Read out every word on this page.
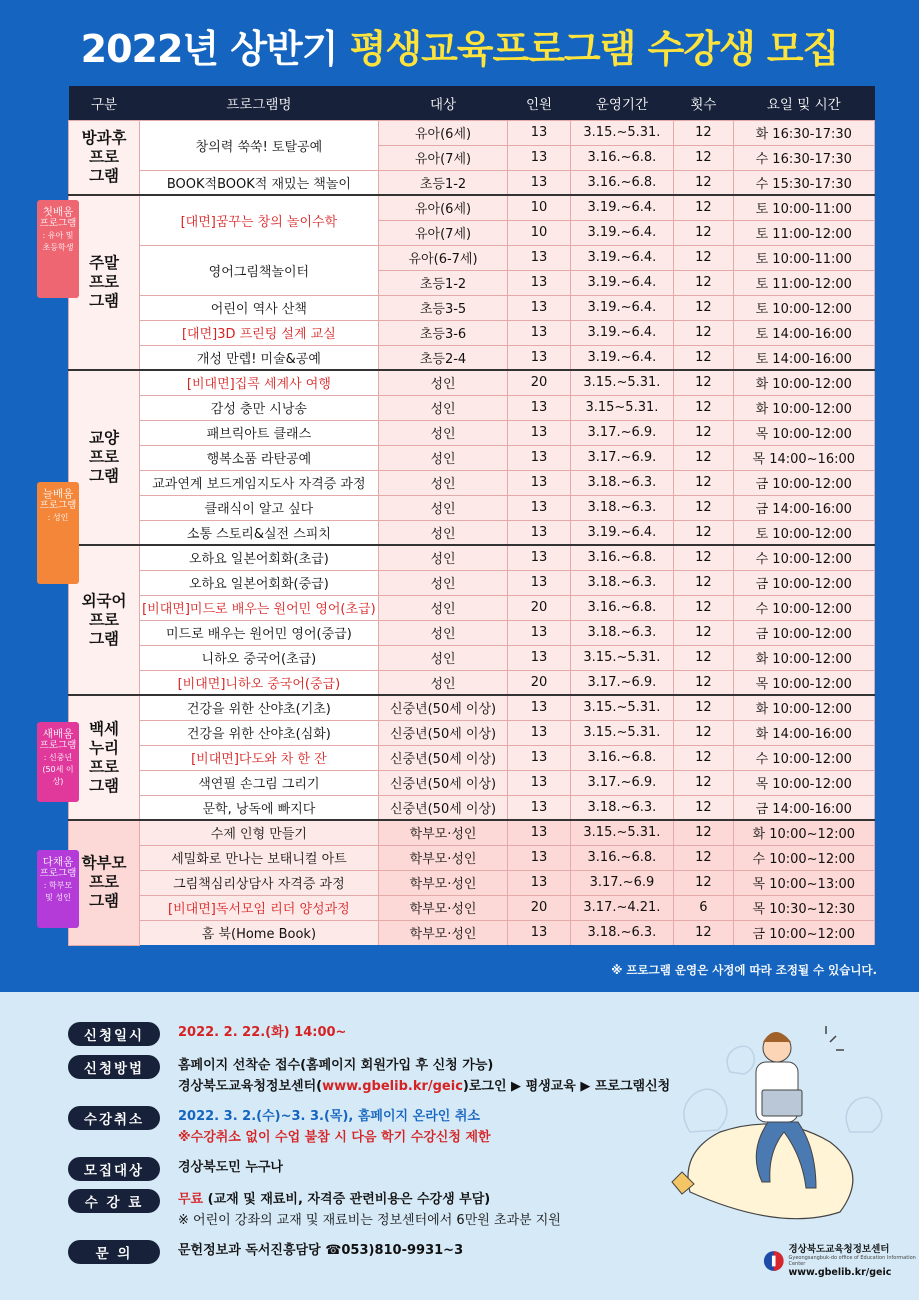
2022년 상반기 평생교육프로그램 수강생 모집
구분	프로그램명	대상	인원	운영기간	횟수	요일 및 시간
방과후
프로
그램	창의력 쑥쑥! 토탈공예	유아(6세)	13	3.15.~5.31.	12	화 16:30-17:30
		유아(7세)	13	3.16.~6.8.	12	수 16:30-17:30
	BOOK적BOOK적 재밌는 책놀이	초등1-2	13	3.16.~6.8.	12	수 15:30-17:30
주말
프로
그램	[대면]꿈꾸는 창의 놀이수학	유아(6세)	10	3.19.~6.4.	12	토 10:00-11:00
		유아(7세)	10	3.19.~6.4.	12	토 11:00-12:00
	영어그림책놀이터	유아(6-7세)	13	3.19.~6.4.	12	토 10:00-11:00
		초등1-2	13	3.19.~6.4.	12	토 11:00-12:00
	어린이 역사 산책	초등3-5	13	3.19.~6.4.	12	토 10:00-12:00
	[대면]3D 프린팅 설계 교실	초등3-6	13	3.19.~6.4.	12	토 14:00-16:00
	개성 만렙! 미술&공예	초등2-4	13	3.19.~6.4.	12	토 14:00-16:00
교양
프로
그램	[비대면]집콕 세계사 여행	성인	20	3.15.~5.31.	12	화 10:00-12:00
	감성 충만 시낭송	성인	13	3.15~5.31.	12	화 10:00-12:00
	패브릭아트 클래스	성인	13	3.17.~6.9.	12	목 10:00-12:00
	행복소품 라탄공예	성인	13	3.17.~6.9.	12	목 14:00~16:00
	교과연계 보드게임지도사 자격증 과정	성인	13	3.18.~6.3.	12	금 10:00-12:00
	클래식이 알고 싶다	성인	13	3.18.~6.3.	12	금 14:00-16:00
	소통 스토리&실전 스피치	성인	13	3.19.~6.4.	12	토 10:00-12:00
외국어
프로
그램	오하요 일본어회화(초급)	성인	13	3.16.~6.8.	12	수 10:00-12:00
	오하요 일본어회화(중급)	성인	13	3.18.~6.3.	12	금 10:00-12:00
	[비대면]미드로 배우는 원어민 영어(초급)	성인	20	3.16.~6.8.	12	수 10:00-12:00
	미드로 배우는 원어민 영어(중급)	성인	13	3.18.~6.3.	12	금 10:00-12:00
	니하오 중국어(초급)	성인	13	3.15.~5.31.	12	화 10:00-12:00
	[비대면]니하오 중국어(중급)	성인	20	3.17.~6.9.	12	목 10:00-12:00
백세
누리
프로
그램	건강을 위한 산야초(기초)	신중년(50세 이상)	13	3.15.~5.31.	12	화 10:00-12:00
	건강을 위한 산야초(심화)	신중년(50세 이상)	13	3.15.~5.31.	12	화 14:00-16:00
	[비대면]다도와 차 한 잔	신중년(50세 이상)	13	3.16.~6.8.	12	수 10:00-12:00
	색연필 손그림 그리기	신중년(50세 이상)	13	3.17.~6.9.	12	목 10:00-12:00
	문학, 낭독에 빠지다	신중년(50세 이상)	13	3.18.~6.3.	12	금 14:00-16:00
학부모
프로
그램	수제 인형 만들기	학부모·성인	13	3.15.~5.31.	12	화 10:00~12:00
	세밀화로 만나는 보태니컬 아트	학부모·성인	13	3.16.~6.8.	12	수 10:00~12:00
	그림책심리상담사 자격증 과정	학부모·성인	13	3.17.~6.9	12	목 10:00~13:00
	[비대면]독서모임 리더 양성과정	학부모·성인	20	3.17.~4.21.	6	목 10:30~12:30
	홈 북(Home Book)	학부모·성인	13	3.18.~6.3.	12	금 10:00~12:00
첫배움
프로그램
: 유아 및
초등학생
늘배움
프로그램
: 성인
새배움
프로그램
: 신중년
(50세 이상)
다채움
프로그램
: 학부모
및 성인
※ 프로그램 운영은 사정에 따라 조정될 수 있습니다.
신청일시	2022. 2. 22.(화) 14:00~
신청방법	홈페이지 선착순 접수(홈페이지 회원가입 후 신청 가능)
경상북도교육청정보센터(www.gbelib.kr/geic)로그인 ▶ 평생교육 ▶ 프로그램신청
수강취소	2022. 3. 2.(수)~3. 3.(목), 홈페이지 온라인 취소
※수강취소 없이 수업 불참 시 다음 학기 수강신청 제한
모집대상	경상북도민 누구나
수 강 료	무료 (교재 및 재료비, 자격증 관련비용은 수강생 부담)
※ 어린이 강좌의 교재 및 재료비는 정보센터에서 6만원 초과분 지원
문 의	문헌정보과 독서진흥담당 ☎053)810-9931~3	경상북도교육청정보센터
Gyeongsangbuk-do office of Education Information Center
www.gbelib.kr/geic
